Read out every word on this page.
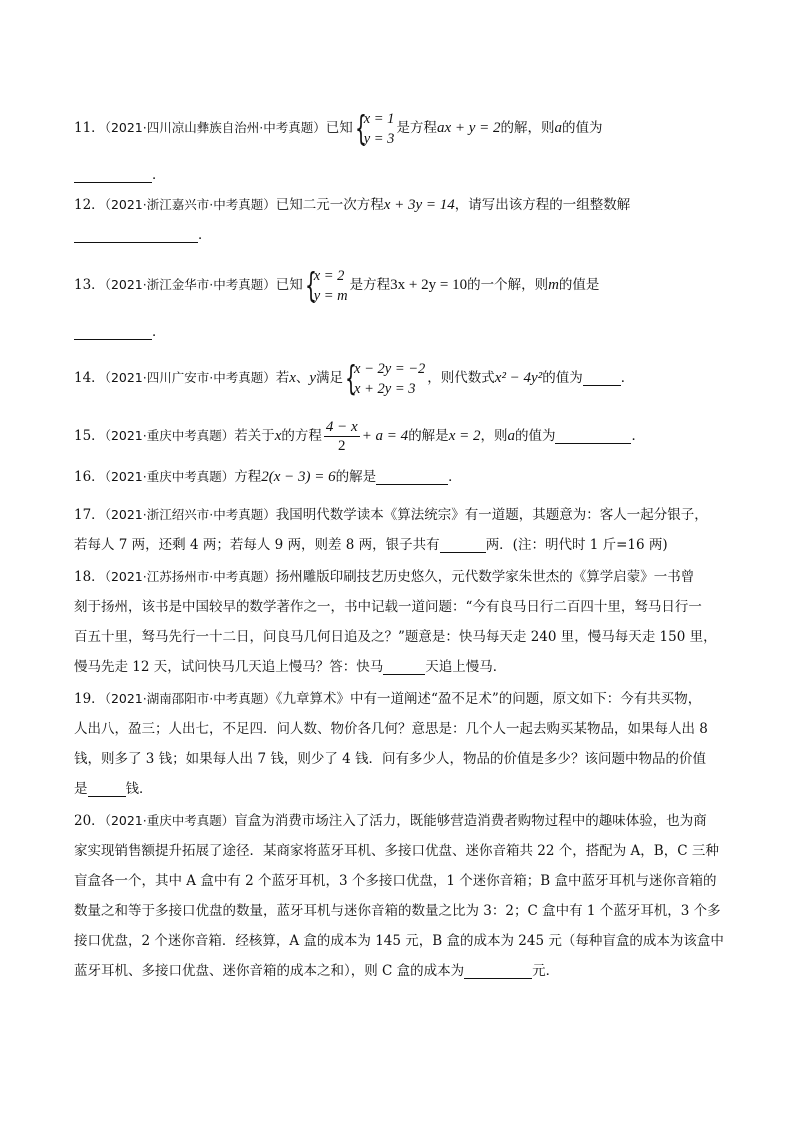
11．（2021·四川凉山彝族自治州·中考真题）已知 {
x = 1
y = 3
是方程ax + y = 2的解，则a的值为
．
12．（2021·浙江嘉兴市·中考真题）已知二元一次方程x + 3y = 14，请写出该方程的一组整数解
．
13．（2021·浙江金华市·中考真题）已知 {
x = 2
y = m
是方程3x + 2y = 10的一个解，则m的值是
．
14．（2021·四川广安市·中考真题）若x、y满足 {
x − 2y = −2
x + 2y = 3
，则代数式x² − 4y²的值为	．
15．（2021·重庆中考真题）若关于x的方程 $\frac{4 - x}{2} + a = 4$的解是x = 2，则a的值为	．
16．（2021·重庆中考真题）方程2(x − 3) = 6的解是	．
17．（2021·浙江绍兴市·中考真题）我国明代数学读本《算法统宗》有一道题，其题意为：客人一起分银子，
若每人 7 两，还剩 4 两；若每人 9 两，则差 8 两，银子共有	两．(注：明代时 1 斤=16 两)
18．（2021·江苏扬州市·中考真题）扬州雕版印刷技艺历史悠久，元代数学家朱世杰的《算学启蒙》一书曾
刻于扬州，该书是中国较早的数学著作之一，书中记载一道问题：“今有良马日行二百四十里，驽马日行一
百五十里，驽马先行一十二日，问良马几何日追及之？”题意是：快马每天走 240 里，慢马每天走 150 里，
慢马先走 12 天，试问快马几天追上慢马？答：快马	天追上慢马．
19．（2021·湖南邵阳市·中考真题）《九章算术》中有一道阐述“盈不足术”的问题，原文如下：今有共买物，
人出八，盈三；人出七，不足四．问人数、物价各几何？意思是：几个人一起去购买某物品，如果每人出 8
钱，则多了 3 钱；如果每人出 7 钱，则少了 4 钱．问有多少人，物品的价值是多少？该问题中物品的价值
是	钱．
20．（2021·重庆中考真题）盲盒为消费市场注入了活力，既能够营造消费者购物过程中的趣味体验，也为商
家实现销售额提升拓展了途径．某商家将蓝牙耳机、多接口优盘、迷你音箱共 22 个，搭配为 A，B，C 三种
盲盒各一个，其中 A 盒中有 2 个蓝牙耳机，3 个多接口优盘，1 个迷你音箱；B 盒中蓝牙耳机与迷你音箱的
数量之和等于多接口优盘的数量，蓝牙耳机与迷你音箱的数量之比为 3：2；C 盒中有 1 个蓝牙耳机，3 个多
接口优盘，2 个迷你音箱．经核算，A 盒的成本为 145 元，B 盒的成本为 245 元（每种盲盒的成本为该盒中
蓝牙耳机、多接口优盘、迷你音箱的成本之和），则 C 盒的成本为	元．
